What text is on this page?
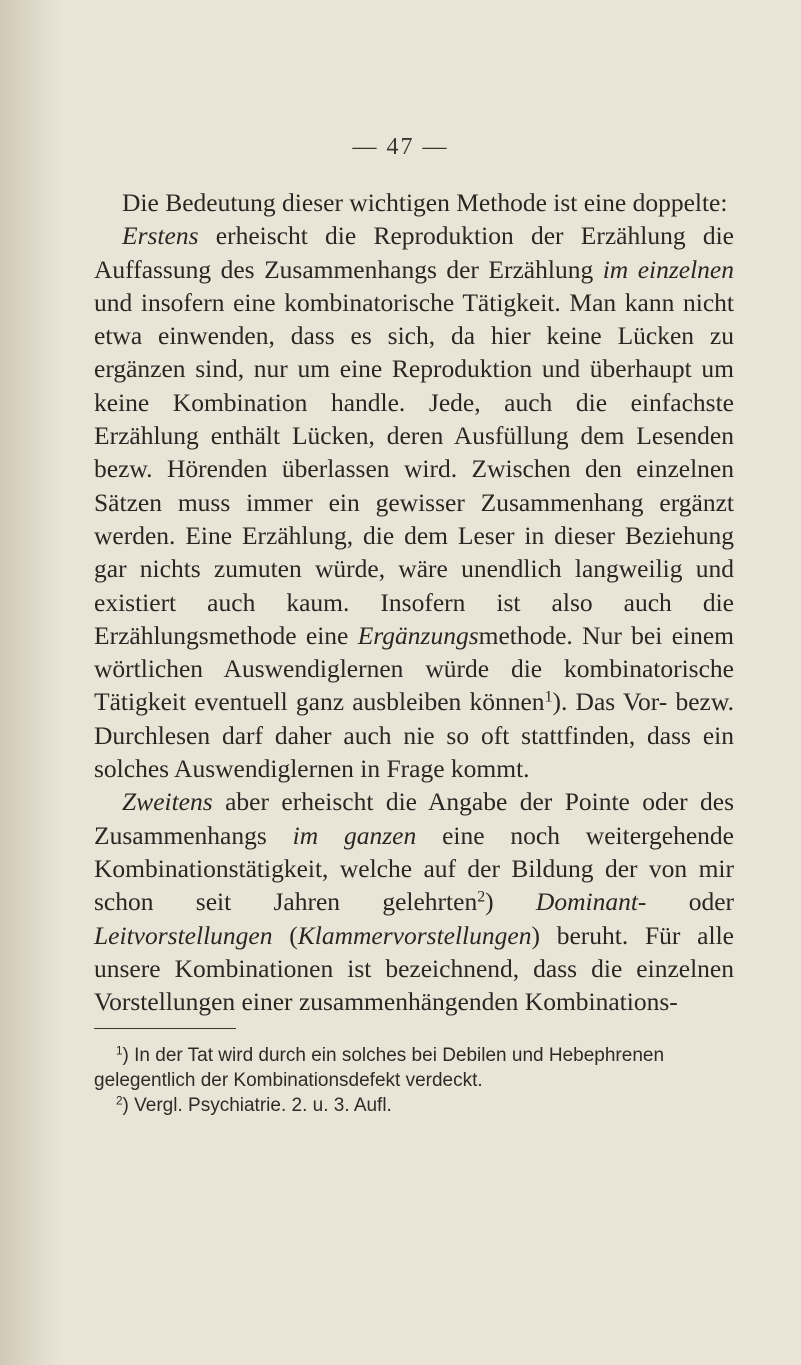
— 47 —

Die Bedeutung dieser wichtigen Methode ist eine doppelte:

Erstens erheischt die Reproduktion der Erzählung die Auffassung des Zusammenhangs der Erzählung im einzelnen und insofern eine kombinatorische Tätigkeit. Man kann nicht etwa einwenden, dass es sich, da hier keine Lücken zu ergänzen sind, nur um eine Reproduktion und überhaupt um keine Kombination handle. Jede, auch die einfachste Erzählung enthält Lücken, deren Ausfüllung dem Lesenden bezw. Hörenden überlassen wird. Zwischen den einzelnen Sätzen muss immer ein gewisser Zusammenhang ergänzt werden. Eine Erzählung, die dem Leser in dieser Beziehung gar nichts zumuten würde, wäre unendlich langweilig und existiert auch kaum. Insofern ist also auch die Erzählungsmethode eine Ergänzungsmethode. Nur bei einem wörtlichen Auswendiglernen würde die kombinatorische Tätigkeit eventuell ganz ausbleiben können$^1$). Das Vor- bezw. Durchlesen darf daher auch nie so oft stattfinden, dass ein solches Auswendiglernen in Frage kommt.

Zweitens aber erheischt die Angabe der Pointe oder des Zusammenhangs im ganzen eine noch weitergehende Kombinationstätigkeit, welche auf der Bildung der von mir schon seit Jahren gelehrten$^2$) Dominant- oder Leitvorstellungen (Klammervorstellungen) beruht. Für alle unsere Kombinationen ist bezeichnend, dass die einzelnen Vorstellungen einer zusammenhängenden Kombinations-

$^1$) In der Tat wird durch ein solches bei Debilen und Hebephrenen gelegentlich der Kombinationsdefekt verdeckt.

$^2$) Vergl. Psychiatrie. 2. u. 3. Aufl.
